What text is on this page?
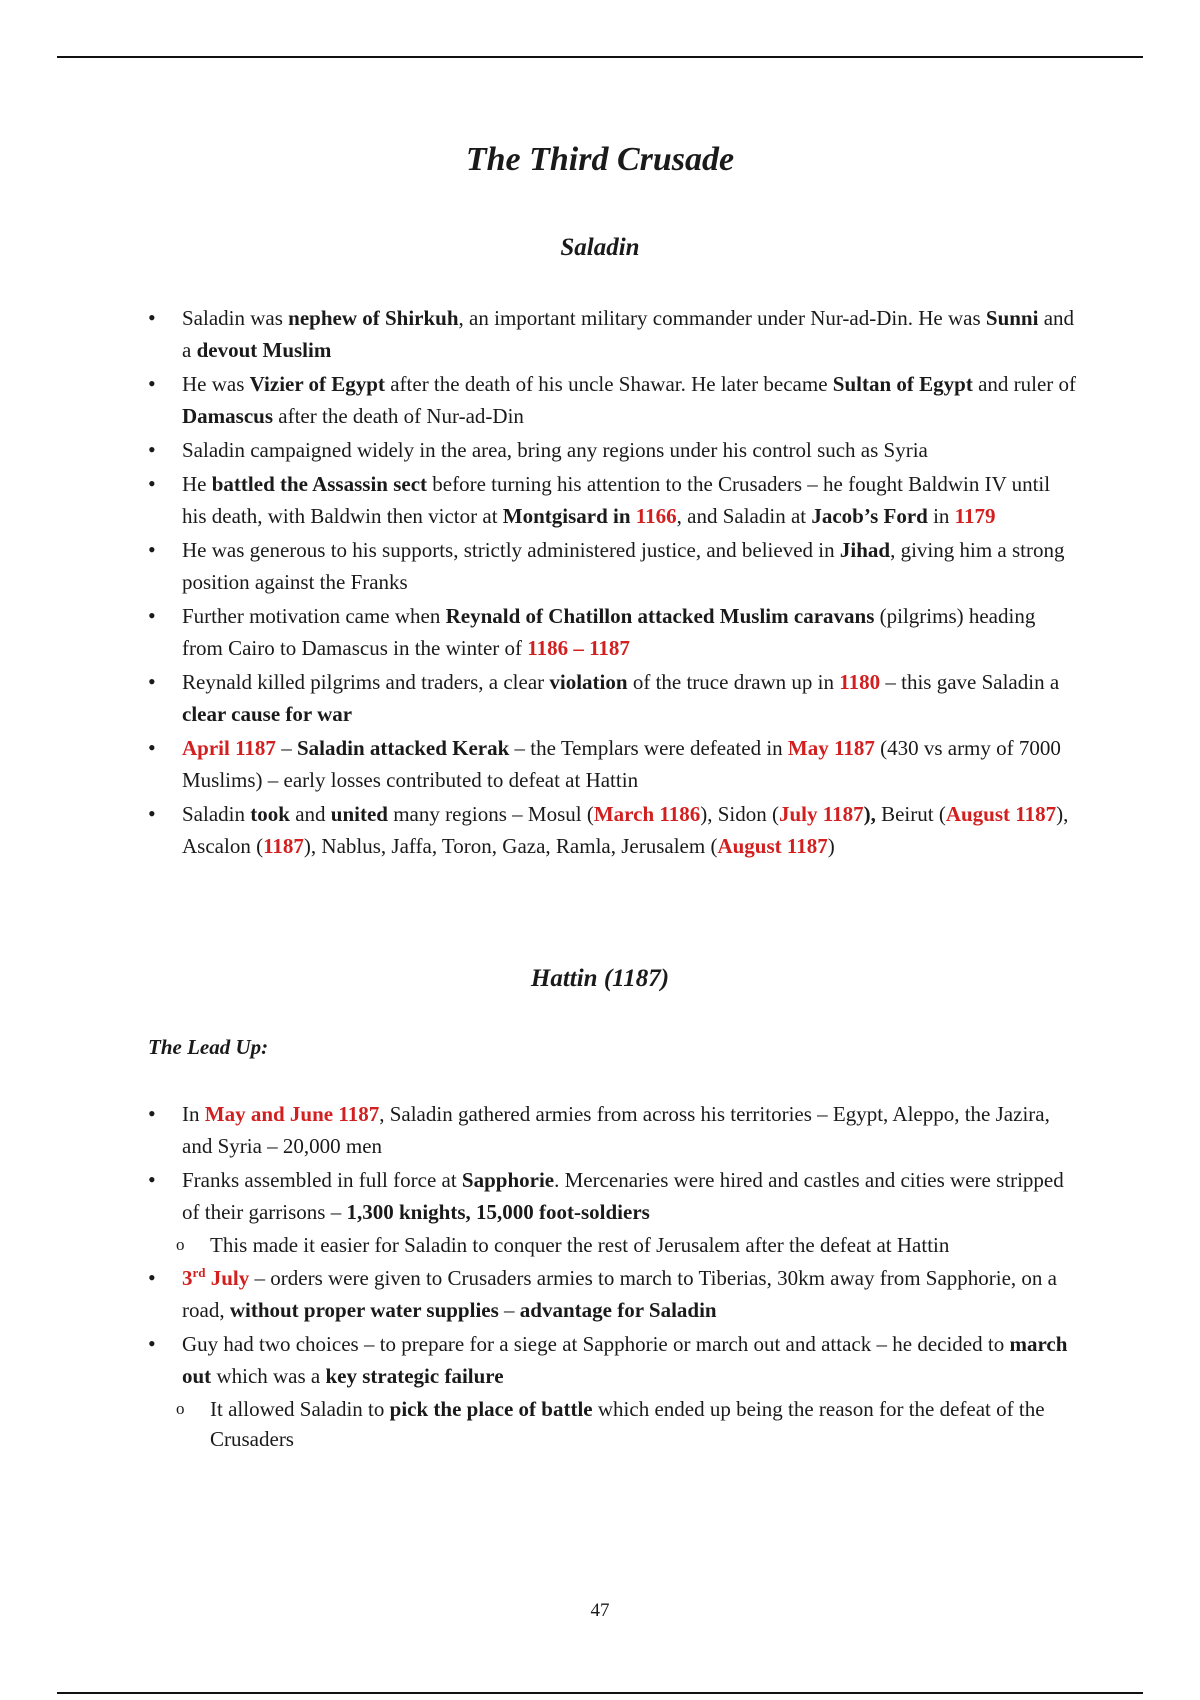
The Third Crusade
Saladin
• Saladin was nephew of Shirkuh, an important military commander under Nur-ad-Din. He was Sunni and a devout Muslim
• He was Vizier of Egypt after the death of his uncle Shawar. He later became Sultan of Egypt and ruler of Damascus after the death of Nur-ad-Din
• Saladin campaigned widely in the area, bring any regions under his control such as Syria
• He battled the Assassin sect before turning his attention to the Crusaders – he fought Baldwin IV until his death, with Baldwin then victor at Montgisard in 1166, and Saladin at Jacob’s Ford in 1179
• He was generous to his supports, strictly administered justice, and believed in Jihad, giving him a strong position against the Franks
• Further motivation came when Reynald of Chatillon attacked Muslim caravans (pilgrims) heading from Cairo to Damascus in the winter of 1186 – 1187
• Reynald killed pilgrims and traders, a clear violation of the truce drawn up in 1180 – this gave Saladin a clear cause for war
• April 1187 – Saladin attacked Kerak – the Templars were defeated in May 1187 (430 vs army of 7000 Muslims) – early losses contributed to defeat at Hattin
• Saladin took and united many regions – Mosul (March 1186), Sidon (July 1187), Beirut (August 1187), Ascalon (1187), Nablus, Jaffa, Toron, Gaza, Ramla, Jerusalem (August 1187)
Hattin (1187)
The Lead Up:
• In May and June 1187, Saladin gathered armies from across his territories – Egypt, Aleppo, the Jazira, and Syria – 20,000 men
• Franks assembled in full force at Sapphorie. Mercenaries were hired and castles and cities were stripped of their garrisons – 1,300 knights, 15,000 foot-soldiers
o This made it easier for Saladin to conquer the rest of Jerusalem after the defeat at Hattin
• 3rd July – orders were given to Crusaders armies to march to Tiberias, 30km away from Sapphorie, on a road, without proper water supplies – advantage for Saladin
• Guy had two choices – to prepare for a siege at Sapphorie or march out and attack – he decided to march out which was a key strategic failure
o It allowed Saladin to pick the place of battle which ended up being the reason for the defeat of the Crusaders
47
